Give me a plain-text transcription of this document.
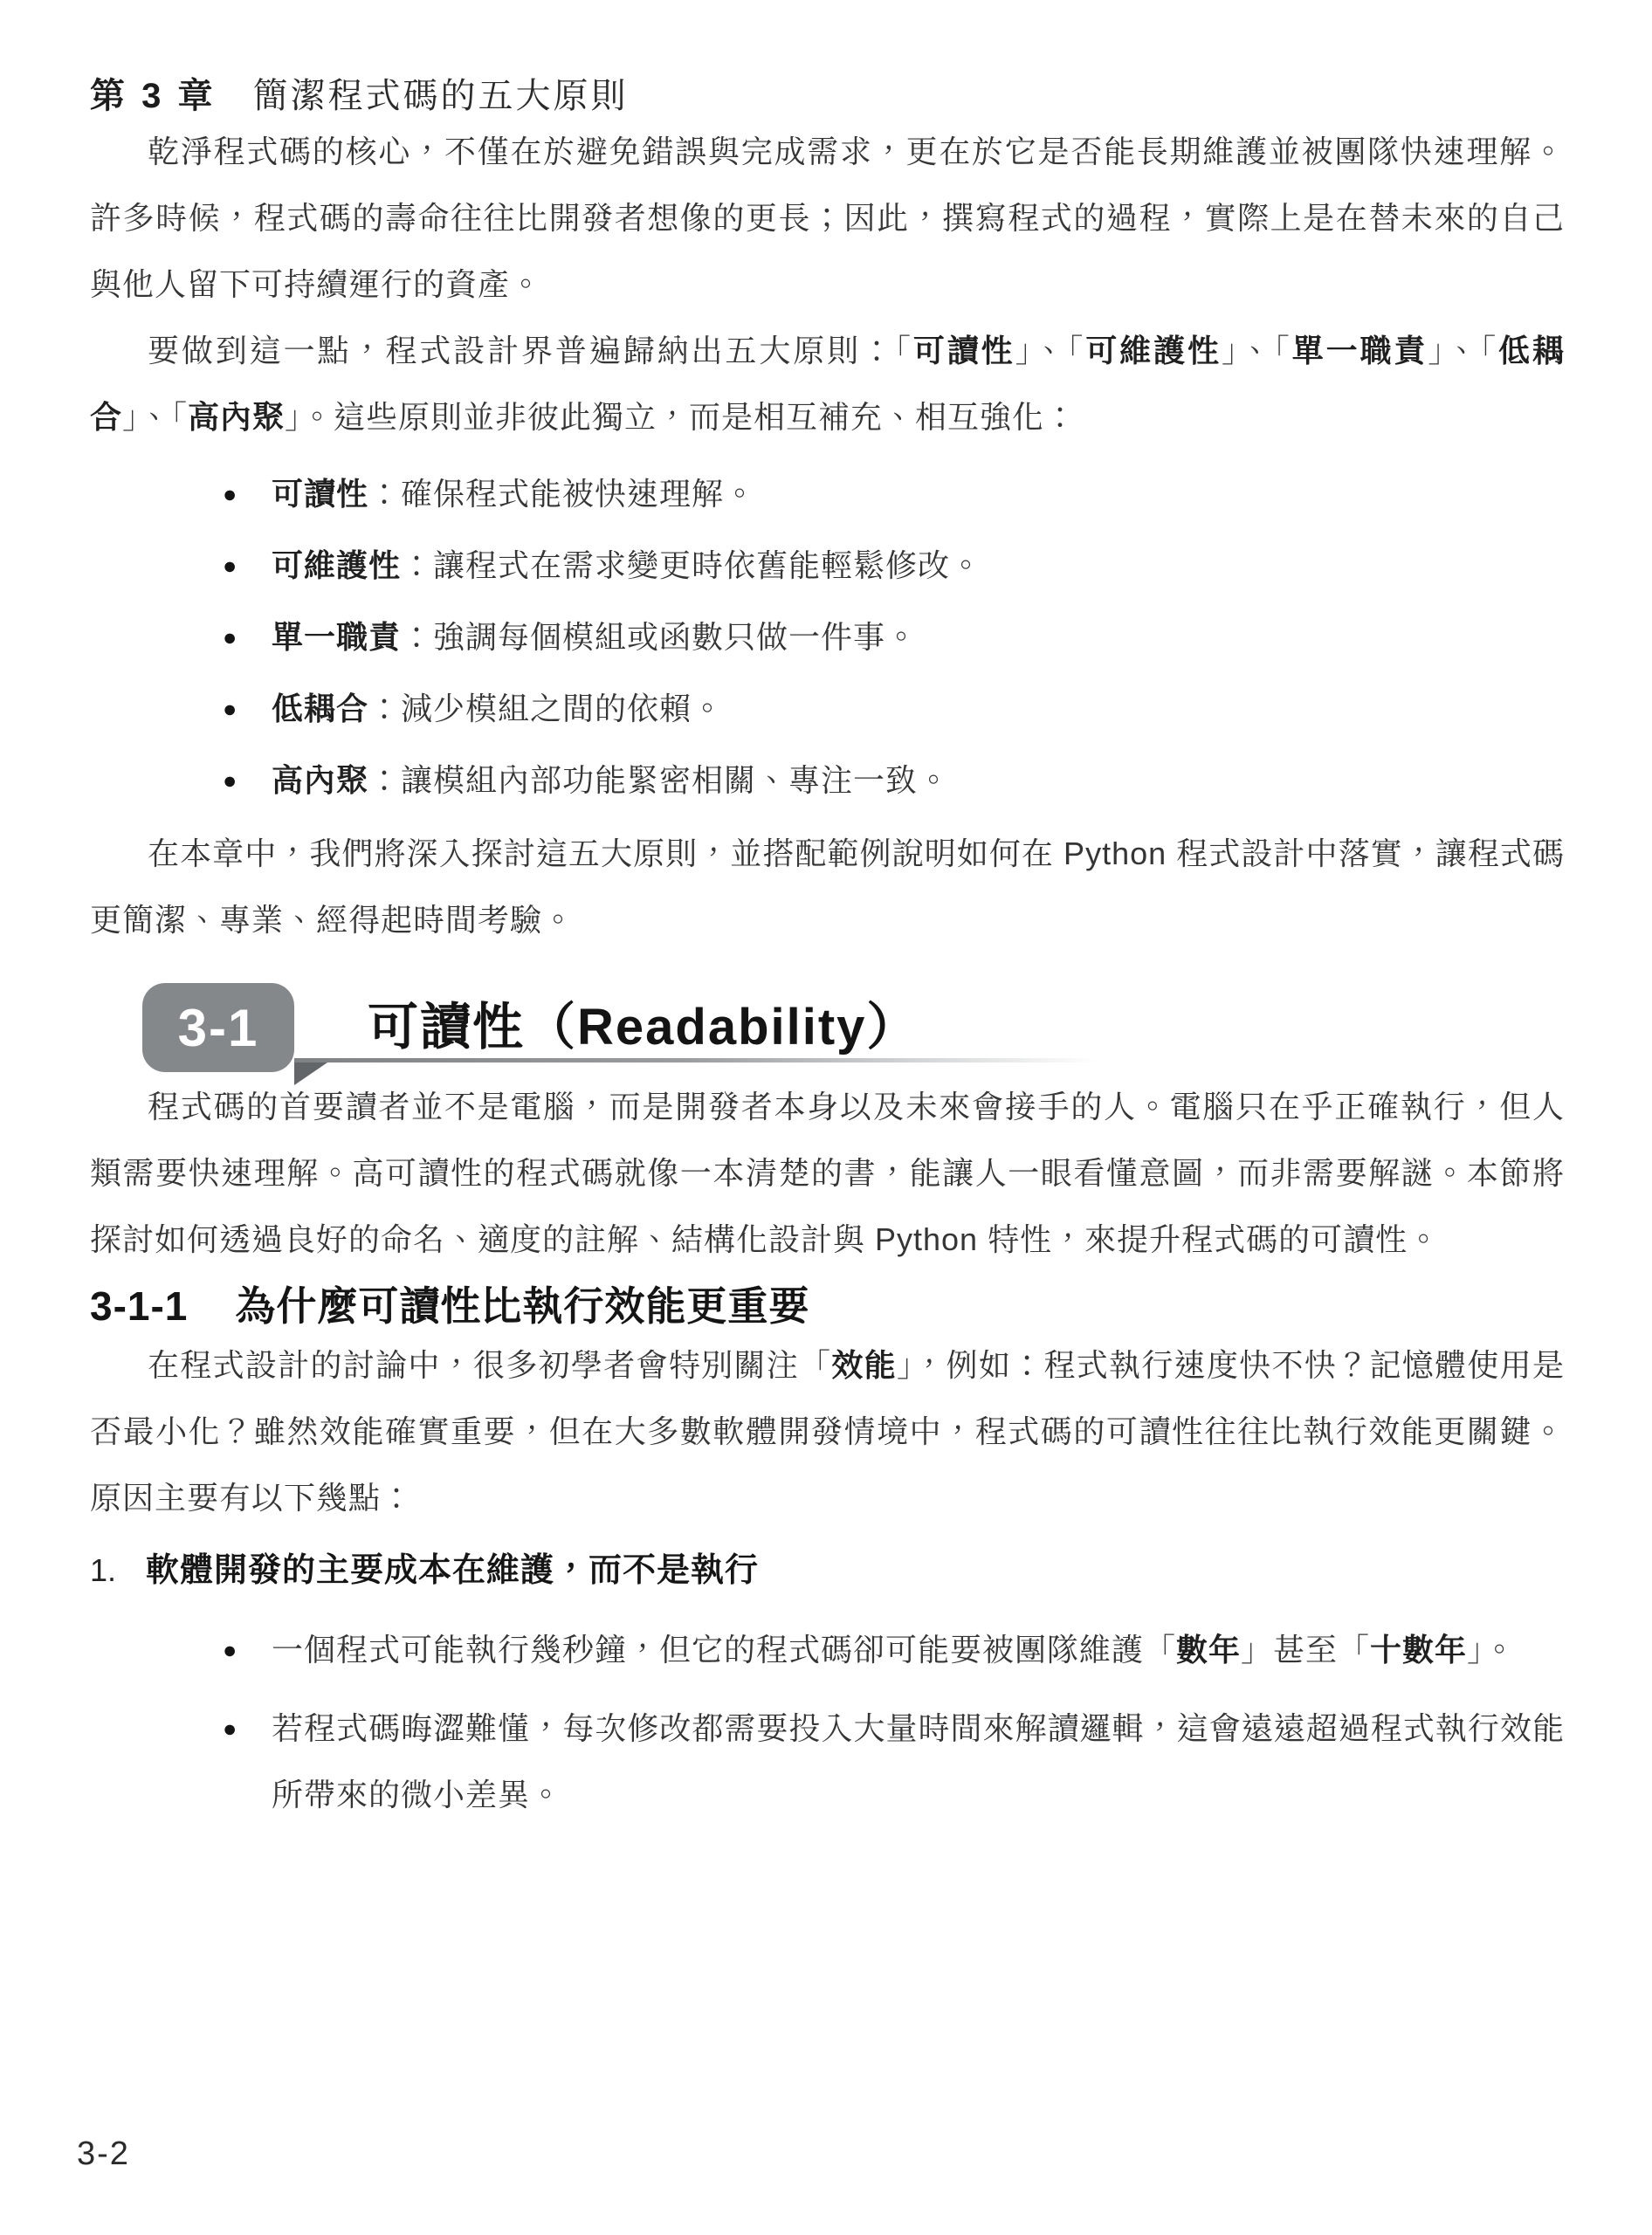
第 3 章 簡潔程式碼的五大原則

乾淨程式碼的核心，不僅在於避免錯誤與完成需求，更在於它是否能長期維護並被團隊快速理解。許多時候，程式碼的壽命往往比開發者想像的更長；因此，撰寫程式的過程，實際上是在替未來的自己與他人留下可持續運行的資產。

要做到這一點，程式設計界普遍歸納出五大原則：「可讀性」、「可維護性」、「單一職責」、「低耦合」、「高內聚」。這些原則並非彼此獨立，而是相互補充、相互強化：

● 可讀性：確保程式能被快速理解。
● 可維護性：讓程式在需求變更時依舊能輕鬆修改。
● 單一職責：強調每個模組或函數只做一件事。
● 低耦合：減少模組之間的依賴。
● 高內聚：讓模組內部功能緊密相關、專注一致。

在本章中，我們將深入探討這五大原則，並搭配範例說明如何在 Python 程式設計中落實，讓程式碼更簡潔、專業、經得起時間考驗。

3-1	可讀性（Readability）

程式碼的首要讀者並不是電腦，而是開發者本身以及未來會接手的人。電腦只在乎正確執行，但人類需要快速理解。高可讀性的程式碼就像一本清楚的書，能讓人一眼看懂意圖，而非需要解謎。本節將探討如何透過良好的命名、適度的註解、結構化設計與 Python 特性，來提升程式碼的可讀性。

3-1-1 為什麼可讀性比執行效能更重要

在程式設計的討論中，很多初學者會特別關注「效能」，例如：程式執行速度快不快？記憶體使用是否最小化？雖然效能確實重要，但在大多數軟體開發情境中，程式碼的可讀性往往比執行效能更關鍵。原因主要有以下幾點：

1. 軟體開發的主要成本在維護，而不是執行
● 一個程式可能執行幾秒鐘，但它的程式碼卻可能要被團隊維護「數年」甚至「十數年」。
● 若程式碼晦澀難懂，每次修改都需要投入大量時間來解讀邏輯，這會遠遠超過程式執行效能所帶來的微小差異。
3-2
